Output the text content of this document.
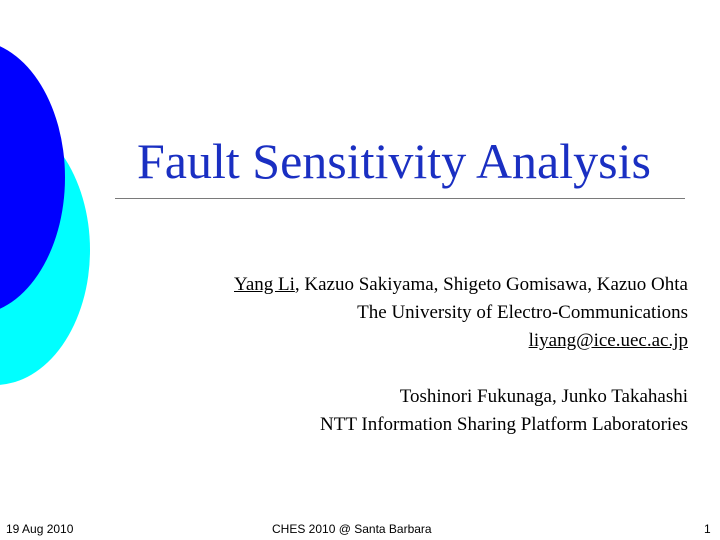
Fault Sensitivity Analysis
Yang Li, Kazuo Sakiyama, Shigeto Gomisawa, Kazuo Ohta
The University of Electro-Communications
liyang@ice.uec.ac.jp
Toshinori Fukunaga, Junko Takahashi
NTT Information Sharing Platform Laboratories
19 Aug 2010	CHES 2010 @ Santa Barbara	1
